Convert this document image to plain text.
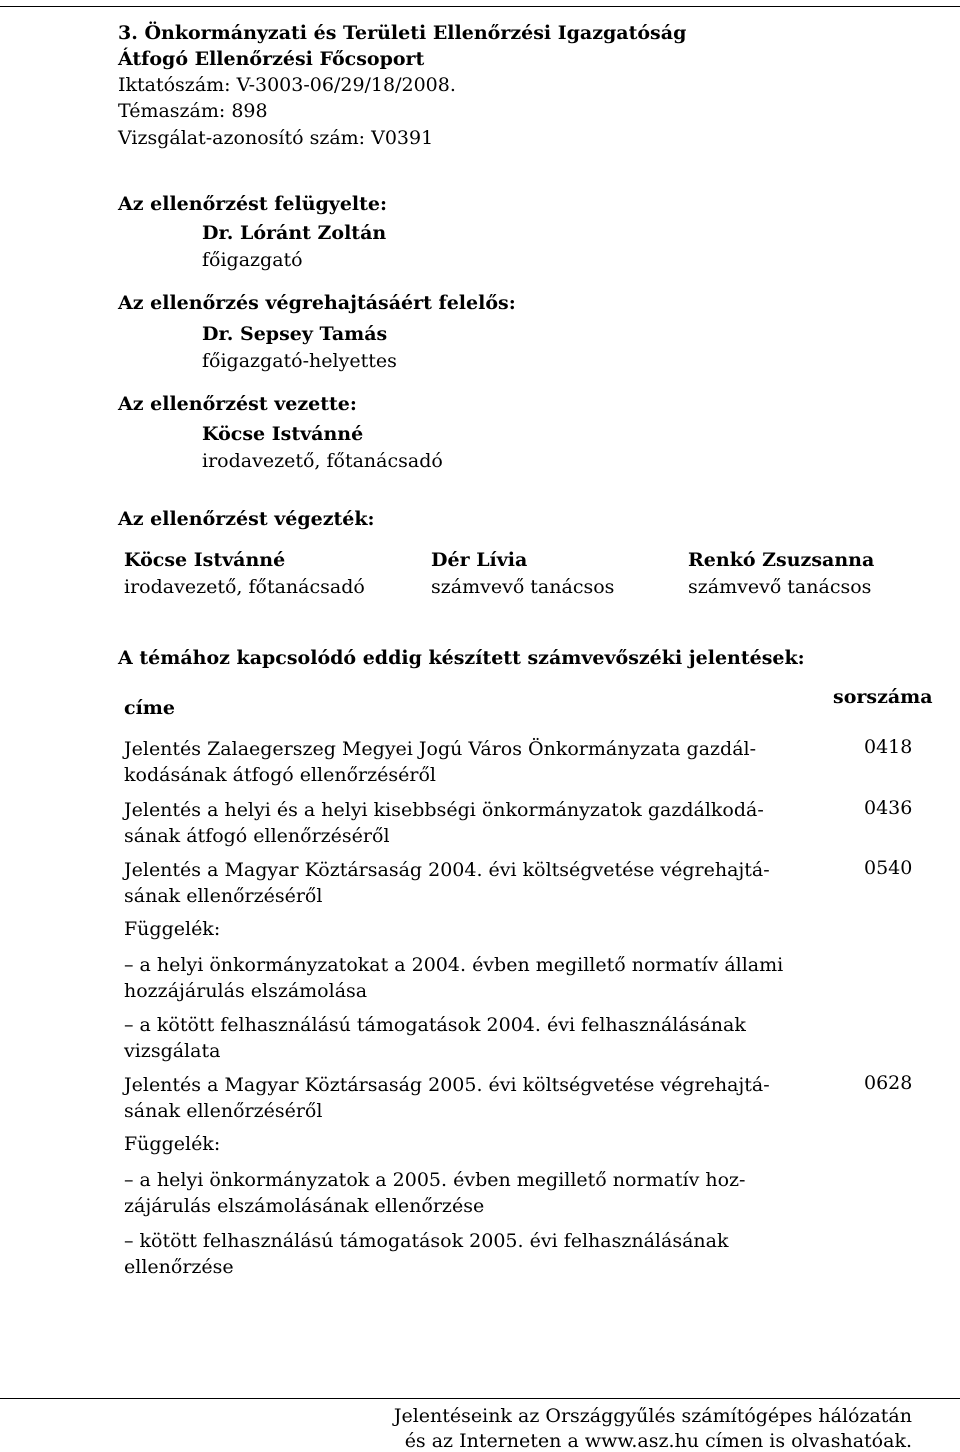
3. Önkormányzati és Területi Ellenőrzési Igazgatóság
Átfogó Ellenőrzési Főcsoport
Iktatószám: V-3003-06/29/18/2008.
Témaszám: 898
Vizsgálat-azonosító szám: V0391
Az ellenőrzést felügyelte:
Dr. Lóránt Zoltán
főigazgató
Az ellenőrzés végrehajtásáért felelős:
Dr. Sepsey Tamás
főigazgató-helyettes
Az ellenőrzést vezette:
Köcse Istvánné
irodavezető, főtanácsadó
Az ellenőrzést végezték:
Köcse Istvánné
irodavezető, főtanácsadó
Dér Lívia
számvevő tanácsos
Renkó Zsuzsanna
számvevő tanácsos
A témához kapcsolódó eddig készített számvevőszéki jelentések:
címe	sorszáma
Jelentés Zalaegerszeg Megyei Jogú Város Önkormányzata gazdál-kodásának átfogó ellenőrzéséről
0418
Jelentés a helyi és a helyi kisebbségi önkormányzatok gazdálkodá-sának átfogó ellenőrzéséről
0436
Jelentés a Magyar Köztársaság 2004. évi költségvetése végrehajtá-sának ellenőrzéséről
0540
Függelék:
– a helyi önkormányzatokat a 2004. évben megillető normatív állami hozzájárulás elszámolása
– a kötött felhasználású támogatások 2004. évi felhasználásának vizsgálata
Jelentés a Magyar Köztársaság 2005. évi költségvetése végrehajtá-sának ellenőrzéséről
0628
Függelék:
– a helyi önkormányzatok a 2005. évben megillető normatív hoz-zájárulás elszámolásának ellenőrzése
– kötött felhasználású támogatások 2005. évi felhasználásának ellenőrzése
Jelentéseink az Országgyűlés számítógépes hálózatán
és az Interneten a www.asz.hu címen is olvashatóak.
